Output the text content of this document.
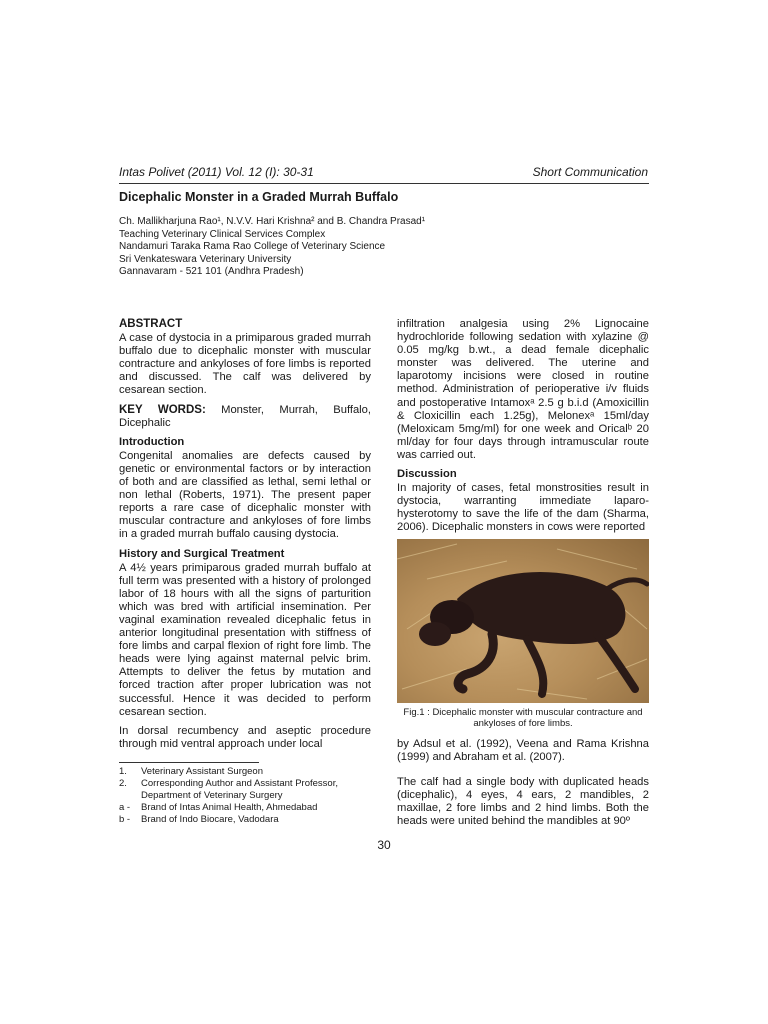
Intas Polivet (2011) Vol. 12 (I): 30-31	Short Communication
Dicephalic Monster in a Graded Murrah Buffalo
Ch. Mallikharjuna Rao¹, N.V.V. Hari Krishna² and B. Chandra Prasad¹
Teaching Veterinary Clinical Services Complex
Nandamuri Taraka Rama Rao College of Veterinary Science
Sri Venkateswara Veterinary University
Gannavaram - 521 101 (Andhra Pradesh)
ABSTRACT

A case of dystocia in a primiparous graded murrah buffalo due to dicephalic monster with muscular contracture and ankyloses of fore limbs is reported and discussed. The calf was delivered by cesarean section.

KEY WORDS: Monster, Murrah, Buffalo, Dicephalic

Introduction

Congenital anomalies are defects caused by genetic or environmental factors or by interaction of both and are classified as lethal, semi lethal or non lethal (Roberts, 1971). The present paper reports a rare case of dicephalic monster with muscular contracture and ankyloses of fore limbs in a graded murrah buffalo causing dystocia.

History and Surgical Treatment

A 4½ years primiparous graded murrah buffalo at full term was presented with a history of prolonged labor of 18 hours with all the signs of parturition which was bred with artificial insemination. Per vaginal examination revealed dicephalic fetus in anterior longitudinal presentation with stiffness of fore limbs and carpal flexion of right fore limb. The heads were lying against maternal pelvic brim. Attempts to deliver the fetus by mutation and forced traction after proper lubrication was not successful. Hence it was decided to perform cesarean section.

In dorsal recumbency and aseptic procedure through mid ventral approach under local

infiltration analgesia using 2% Lignocaine hydrochloride following sedation with xylazine @ 0.05 mg/kg b.wt., a dead female dicephalic monster was delivered. The uterine and laparotomy incisions were closed in routine method. Administration of perioperative i/v fluids and postoperative Intamoxᵃ 2.5 g b.i.d (Amoxicillin & Cloxicillin each 1.25g), Melonexᵃ 15ml/day (Meloxicam 5mg/ml) for one week and Oricalᵇ 20 ml/day for four days through intramuscular route was carried out.

Discussion

In majority of cases, fetal monstrosities result in dystocia, warranting immediate laparo-hysterotomy to save the life of the dam (Sharma, 2006). Dicephalic monsters in cows were reported

Fig.1 : Dicephalic monster with muscular contracture and ankyloses of fore limbs.

by Adsul et al. (1992), Veena and Rama Krishna (1999) and Abraham et al. (2007).

The calf had a single body with duplicated heads (dicephalic), 4 eyes, 4 ears, 2 mandibles, 2 maxillae, 2 fore limbs and 2 hind limbs. Both the heads were united behind the mandibles at 90º

1.	Veterinary Assistant Surgeon
2.	Corresponding Author and Assistant Professor, Department of Veterinary Surgery
a -	Brand of Intas Animal Health, Ahmedabad
b -	Brand of Indo Biocare, Vadodara
30
